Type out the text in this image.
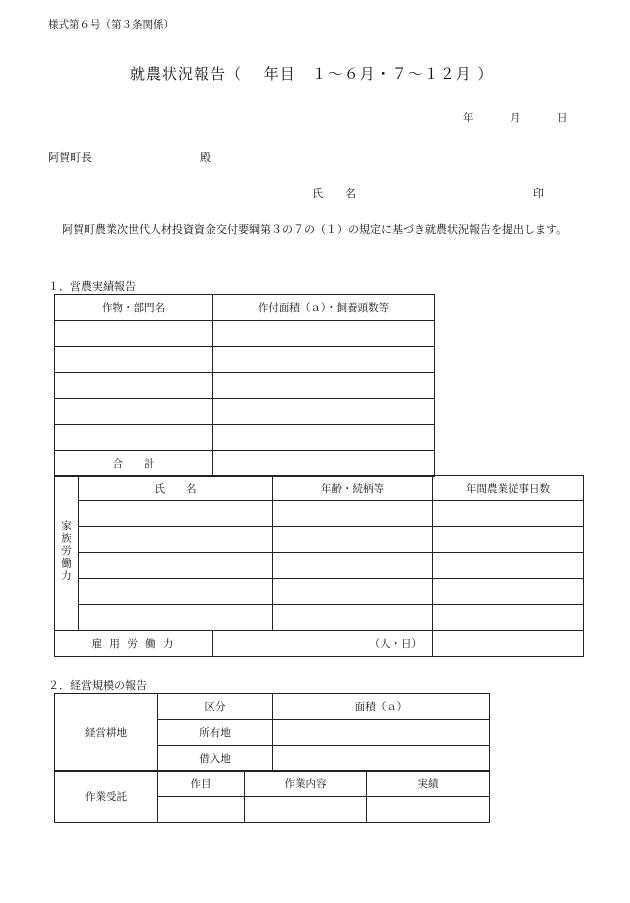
様式第６号（第３条関係）
就農状況報告（　 年目　１〜６月・７〜１２月 ）
年	月	日
阿賀町長	殿
氏　　名	印
阿賀町農業次世代人材投資資金交付要綱第３の７の（１）の規定に基づき就農状況報告を提出します。
１．営農実績報告
作物・部門名	作付面積（ａ）・飼養頭数等

合　　計	
家族労働力	氏　　名		年齢・続柄等	年間農業従事日数

雇 用 労 働 力		（人・日）		
２．経営規模の報告
経営耕地	区分	面積（ａ）
	所有地	
	借入地	
作業受託	作目	作業内容	実績
